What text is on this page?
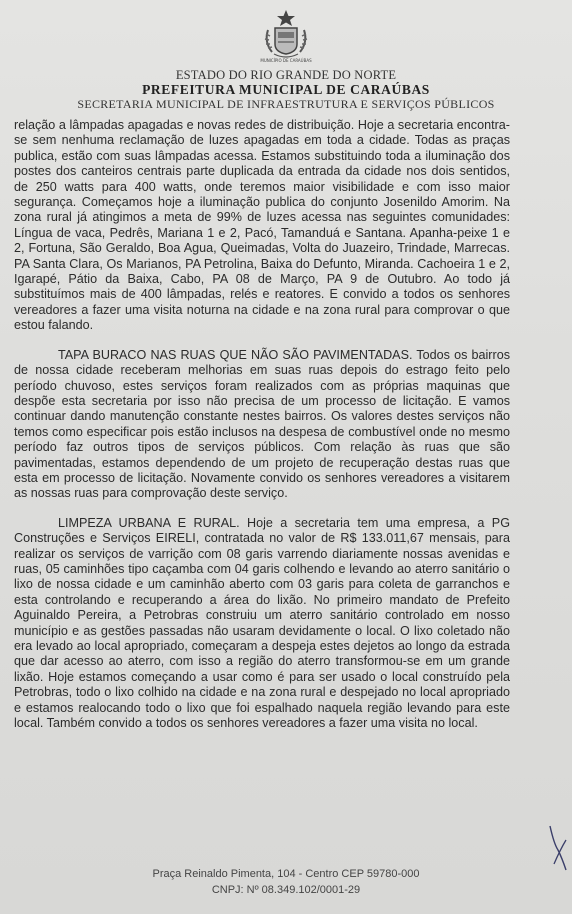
MUNICÍPIO DE CARAÚBAS
ESTADO DO RIO GRANDE DO NORTE
PREFEITURA MUNICIPAL DE CARAÚBAS
SECRETARIA MUNICIPAL DE INFRAESTRUTURA E SERVIÇOS PÚBLICOS

relação a lâmpadas apagadas e novas redes de distribuição. Hoje a secretaria encontra-se sem nenhuma reclamação de luzes apagadas em toda a cidade. Todas as praças publica, estão com suas lâmpadas acessa. Estamos substituindo toda a iluminação dos postes dos canteiros centrais parte duplicada da entrada da cidade nos dois sentidos, de 250 watts para 400 watts, onde teremos maior visibilidade e com isso maior segurança. Começamos hoje a iluminação publica do conjunto Josenildo Amorim. Na zona rural já atingimos a meta de 99% de luzes acessa nas seguintes comunidades: Língua de vaca, Pedrês, Mariana 1 e 2, Pacó, Tamanduá e Santana. Apanha-peixe 1 e 2, Fortuna, São Geraldo, Boa Agua, Queimadas, Volta do Juazeiro, Trindade, Marrecas. PA Santa Clara, Os Marianos, PA Petrolina, Baixa do Defunto, Miranda. Cachoeira 1 e 2, Igarapé, Pátio da Baixa, Cabo, PA 08 de Março, PA 9 de Outubro. Ao todo já substituímos mais de 400 lâmpadas, relés e reatores. E convido a todos os senhores vereadores a fazer uma visita noturna na cidade e na zona rural para comprovar o que estou falando.

TAPA BURACO NAS RUAS QUE NÃO SÃO PAVIMENTADAS. Todos os bairros de nossa cidade receberam melhorias em suas ruas depois do estrago feito pelo período chuvoso, estes serviços foram realizados com as próprias maquinas que despõe esta secretaria por isso não precisa de um processo de licitação. E vamos continuar dando manutenção constante nestes bairros. Os valores destes serviços não temos como especificar pois estão inclusos na despesa de combustível onde no mesmo período faz outros tipos de serviços públicos. Com relação às ruas que são pavimentadas, estamos dependendo de um projeto de recuperação destas ruas que esta em processo de licitação. Novamente convido os senhores vereadores a visitarem as nossas ruas para comprovação deste serviço.

LIMPEZA URBANA E RURAL. Hoje a secretaria tem uma empresa, a PG Construções e Serviços EIRELI, contratada no valor de R$ 133.011,67 mensais, para realizar os serviços de varrição com 08 garis varrendo diariamente nossas avenidas e ruas, 05 caminhões tipo caçamba com 04 garis colhendo e levando ao aterro sanitário o lixo de nossa cidade e um caminhão aberto com 03 garis para coleta de garranchos e esta controlando e recuperando a área do lixão. No primeiro mandato de Prefeito Aguinaldo Pereira, a Petrobras construiu um aterro sanitário controlado em nosso município e as gestões passadas não usaram devidamente o local. O lixo coletado não era levado ao local apropriado, começaram a despeja estes dejetos ao longo da estrada que dar acesso ao aterro, com isso a região do aterro transformou-se em um grande lixão. Hoje estamos começando a usar como é para ser usado o local construído pela Petrobras, todo o lixo colhido na cidade e na zona rural e despejado no local apropriado e estamos realocando todo o lixo que foi espalhado naquela região levando para este local. Também convido a todos os senhores vereadores a fazer uma visita no local.

Praça Reinaldo Pimenta, 104 - Centro CEP 59780-000
CNPJ: Nº 08.349.102/0001-29
